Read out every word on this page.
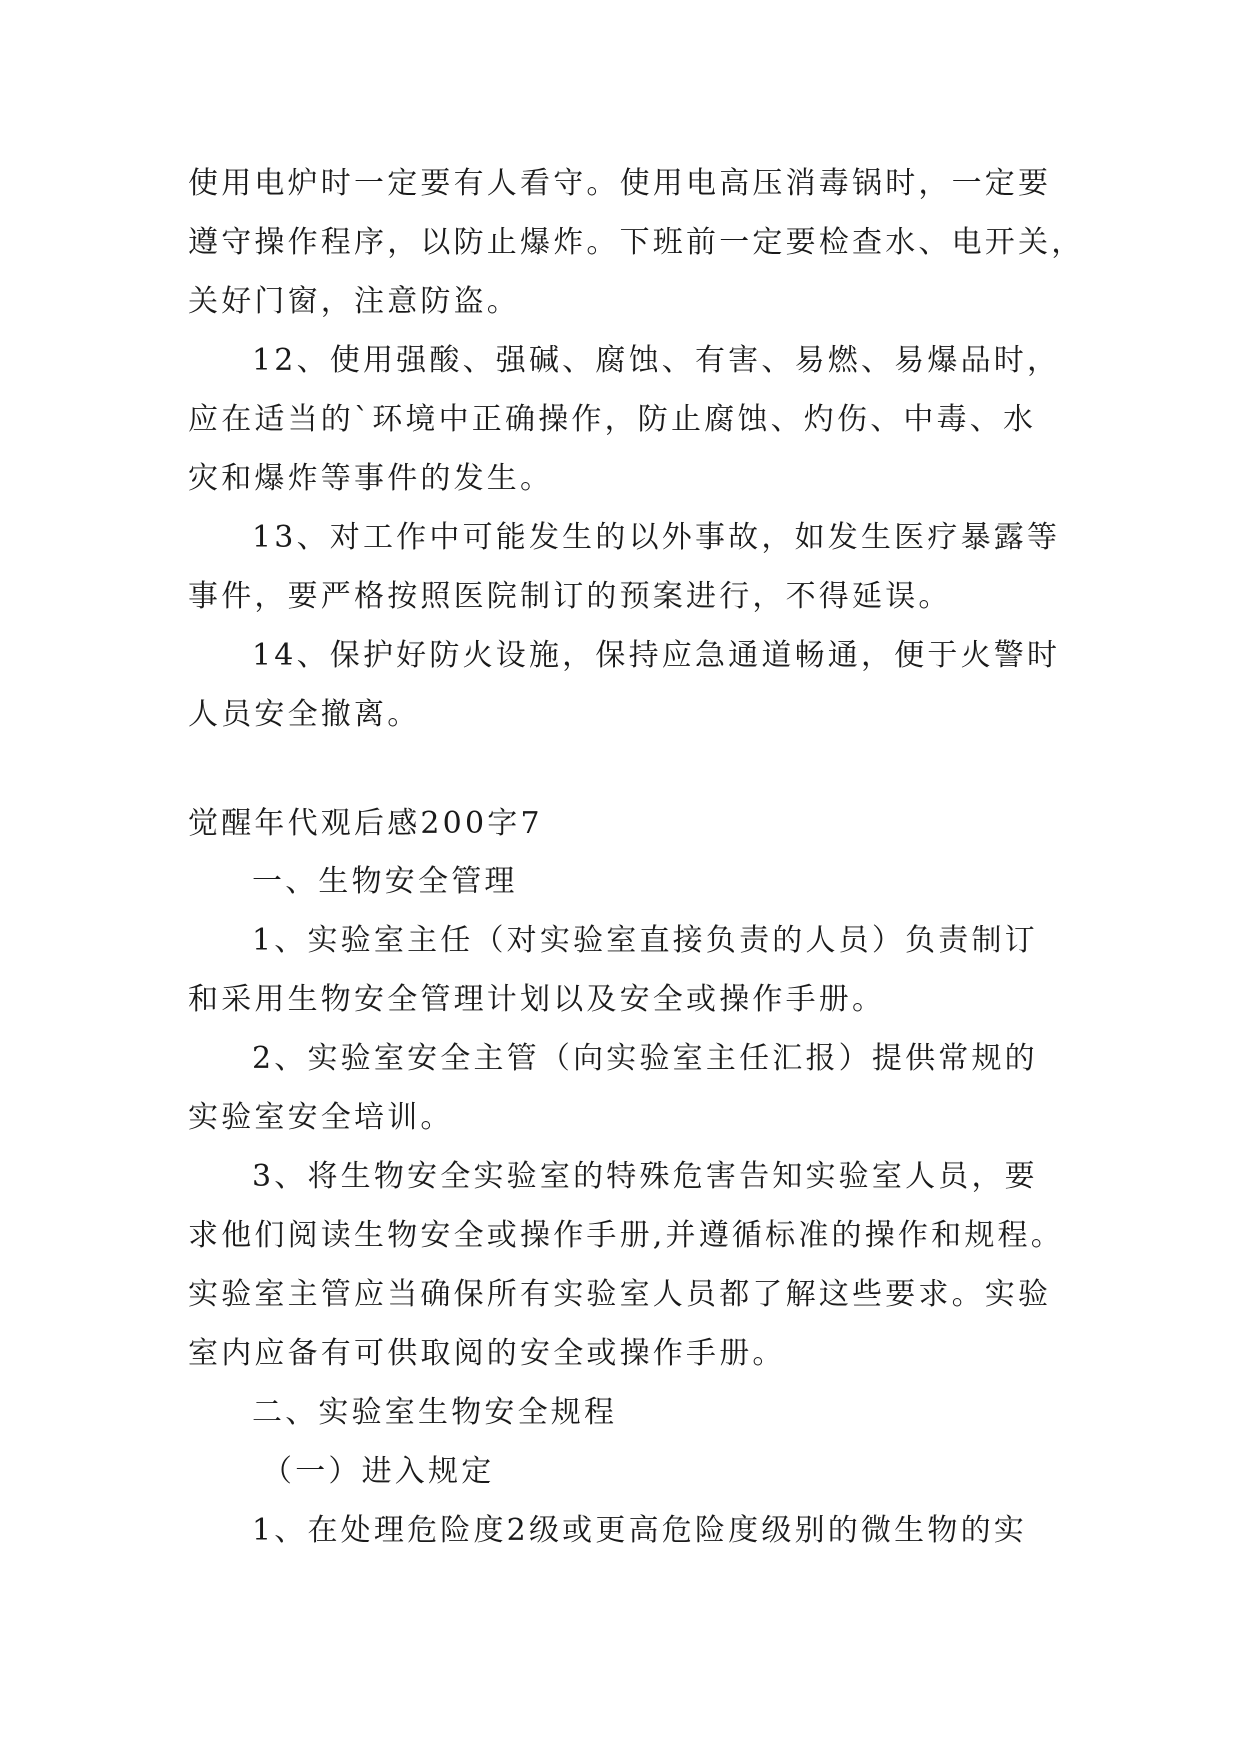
使用电炉时一定要有人看守。使用电高压消毒锅时，一定要
遵守操作程序，以防止爆炸。下班前一定要检查水、电开关，
关好门窗，注意防盗。
12、使用强酸、强碱、腐蚀、有害、易燃、易爆品时，
应在适当的`环境中正确操作，防止腐蚀、灼伤、中毒、水
灾和爆炸等事件的发生。
13、对工作中可能发生的以外事故，如发生医疗暴露等
事件，要严格按照医院制订的预案进行，不得延误。
14、保护好防火设施，保持应急通道畅通，便于火警时
人员安全撤离。
觉醒年代观后感200字7
一、生物安全管理
1、实验室主任（对实验室直接负责的人员）负责制订
和采用生物安全管理计划以及安全或操作手册。
2、实验室安全主管（向实验室主任汇报）提供常规的
实验室安全培训。
3、将生物安全实验室的特殊危害告知实验室人员，要
求他们阅读生物安全或操作手册,并遵循标准的操作和规程。
实验室主管应当确保所有实验室人员都了解这些要求。实验
室内应备有可供取阅的安全或操作手册。
二、实验室生物安全规程
（一）进入规定
1、在处理危险度2级或更高危险度级别的微生物的实
